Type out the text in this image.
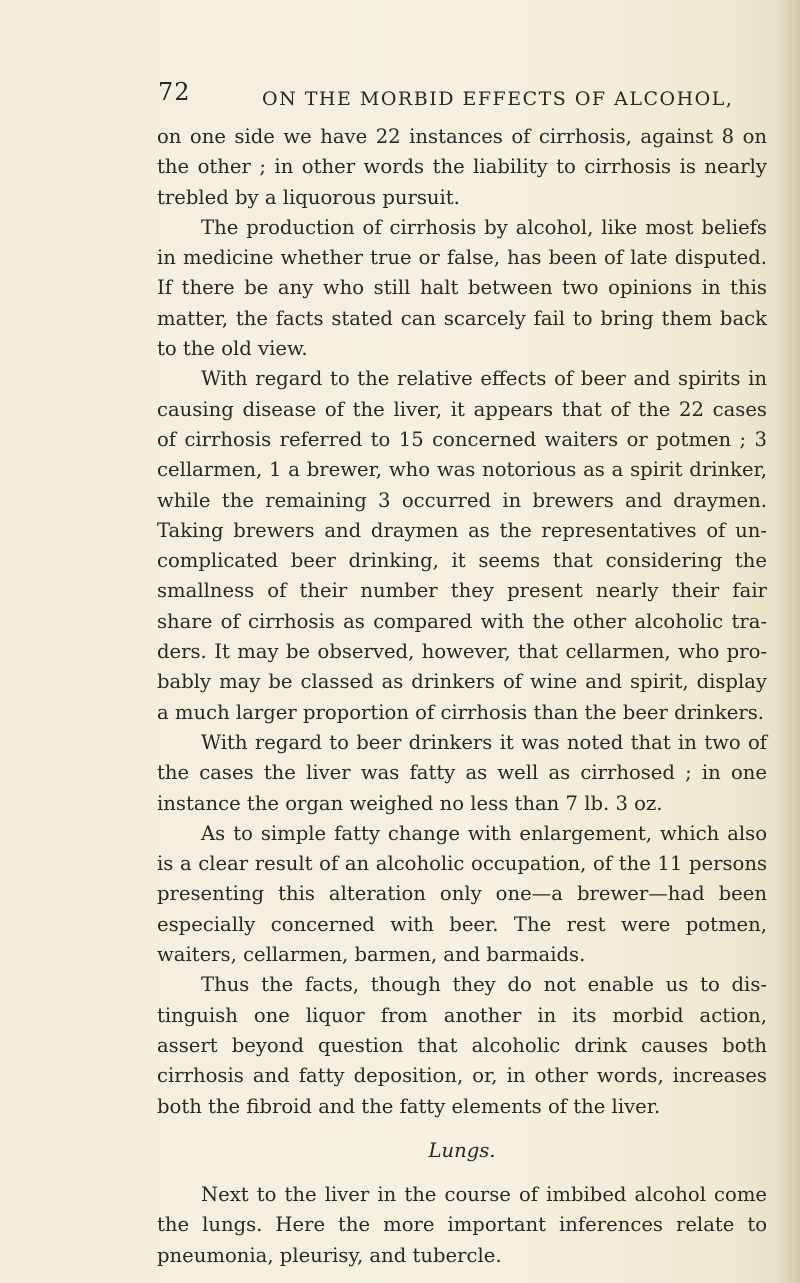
72	ON THE MORBID EFFECTS OF ALCOHOL,
on one side we have 22 instances of cirrhosis, against 8 on
the other ; in other words the liability to cirrhosis is nearly
trebled by a liquorous pursuit.
The production of cirrhosis by alcohol, like most beliefs
in medicine whether true or false, has been of late disputed.
If there be any who still halt between two opinions in this
matter, the facts stated can scarcely fail to bring them back
to the old view.
With regard to the relative effects of beer and spirits in
causing disease of the liver, it appears that of the 22 cases
of cirrhosis referred to 15 concerned waiters or potmen ; 3
cellarmen, 1 a brewer, who was notorious as a spirit drinker,
while the remaining 3 occurred in brewers and draymen.
Taking brewers and draymen as the representatives of un-
complicated beer drinking, it seems that considering the
smallness of their number they present nearly their fair
share of cirrhosis as compared with the other alcoholic tra-
ders. It may be observed, however, that cellarmen, who pro-
bably may be classed as drinkers of wine and spirit, display
a much larger proportion of cirrhosis than the beer drinkers.
With regard to beer drinkers it was noted that in two of
the cases the liver was fatty as well as cirrhosed ; in one
instance the organ weighed no less than 7 lb. 3 oz.
As to simple fatty change with enlargement, which also
is a clear result of an alcoholic occupation, of the 11 persons
presenting this alteration only one—a brewer—had been
especially concerned with beer. The rest were potmen,
waiters, cellarmen, barmen, and barmaids.
Thus the facts, though they do not enable us to dis-
tinguish one liquor from another in its morbid action,
assert beyond question that alcoholic drink causes both
cirrhosis and fatty deposition, or, in other words, increases
both the fibroid and the fatty elements of the liver.
Lungs.
Next to the liver in the course of imbibed alcohol come
the lungs. Here the more important inferences relate to
pneumonia, pleurisy, and tubercle.
